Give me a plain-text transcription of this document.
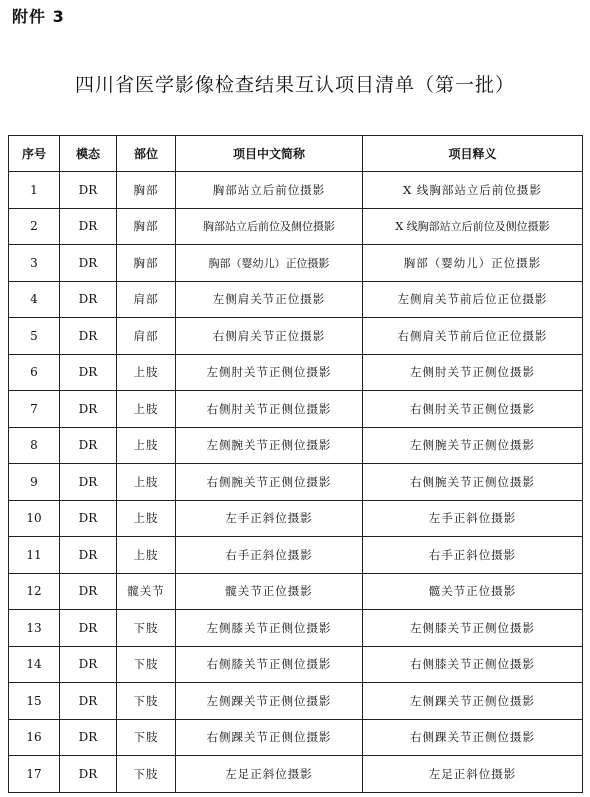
附件 3
四川省医学影像检查结果互认项目清单（第一批）
序号	模态	部位	项目中文简称	项目释义
1	DR	胸部	胸部站立后前位摄影	X 线胸部站立后前位摄影
2	DR	胸部	胸部站立后前位及侧位摄影	X 线胸部站立后前位及侧位摄影
3	DR	胸部	胸部（婴幼儿）正位摄影	胸部（婴幼儿）正位摄影
4	DR	肩部	左侧肩关节正位摄影	左侧肩关节前后位正位摄影
5	DR	肩部	右侧肩关节正位摄影	右侧肩关节前后位正位摄影
6	DR	上肢	左侧肘关节正侧位摄影	左侧肘关节正侧位摄影
7	DR	上肢	右侧肘关节正侧位摄影	右侧肘关节正侧位摄影
8	DR	上肢	左侧腕关节正侧位摄影	左侧腕关节正侧位摄影
9	DR	上肢	右侧腕关节正侧位摄影	右侧腕关节正侧位摄影
10	DR	上肢	左手正斜位摄影	左手正斜位摄影
11	DR	上肢	右手正斜位摄影	右手正斜位摄影
12	DR	髋关节	髋关节正位摄影	髋关节正位摄影
13	DR	下肢	左侧膝关节正侧位摄影	左侧膝关节正侧位摄影
14	DR	下肢	右侧膝关节正侧位摄影	右侧膝关节正侧位摄影
15	DR	下肢	左侧踝关节正侧位摄影	左侧踝关节正侧位摄影
16	DR	下肢	右侧踝关节正侧位摄影	右侧踝关节正侧位摄影
17	DR	下肢	左足正斜位摄影	左足正斜位摄影
